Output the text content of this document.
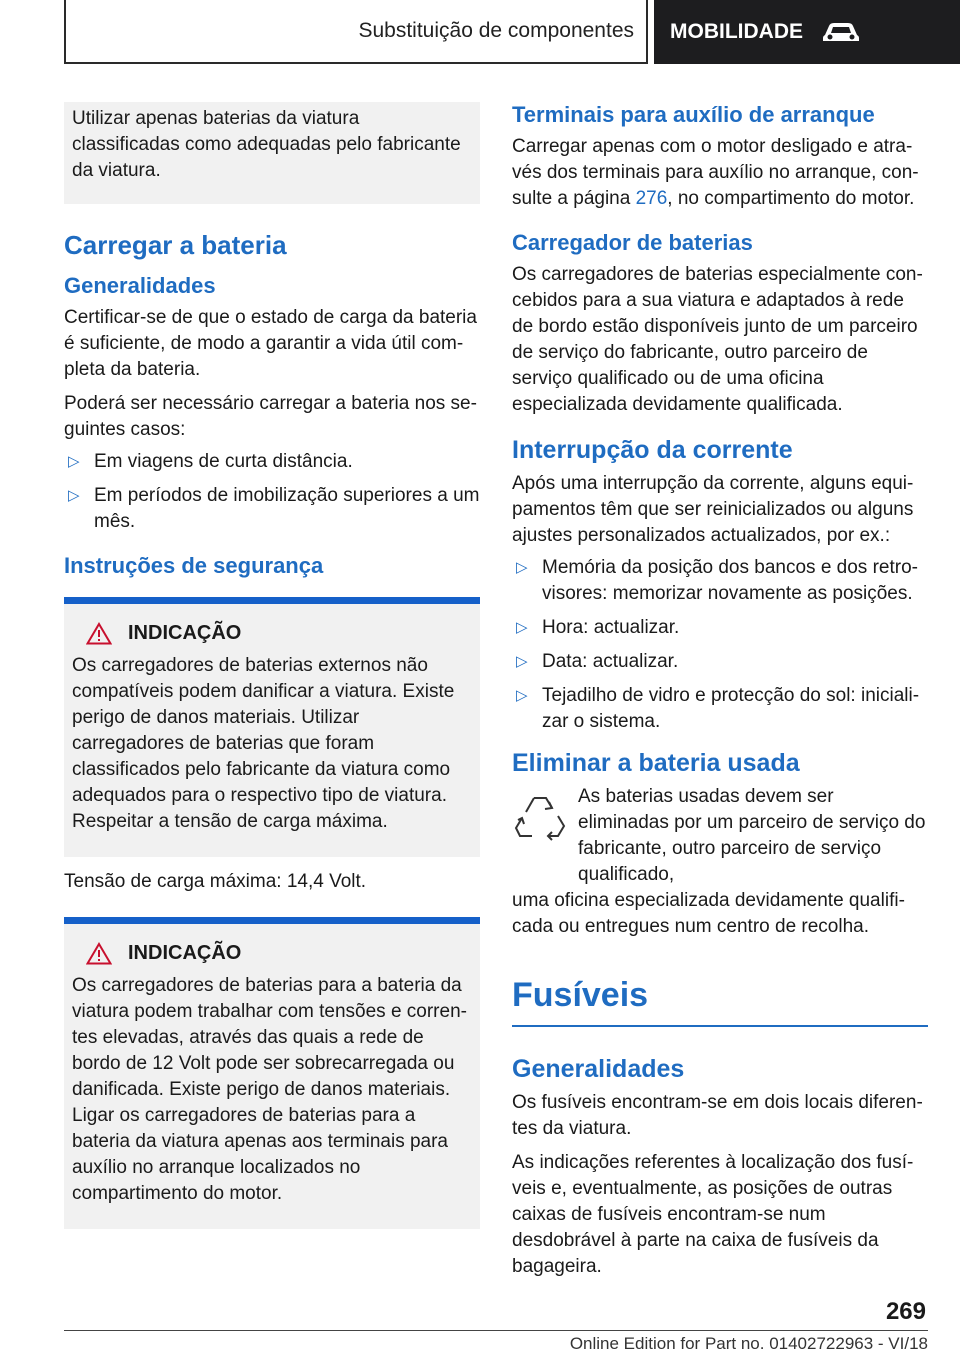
Substituição de componentes MOBILIDADE

Utilizar apenas baterias da viatura classificadas como adequadas pelo fabricante da viatura.

Carregar a bateria
Generalidades

Certificar-se de que o estado de carga da bateria é suficiente, de modo a garantir a vida útil completa da bateria.

Poderá ser necessário carregar a bateria nos seguintes casos:

▷ Em viagens de curta distância.
▷ Em períodos de imobilização superiores a um mês.
Instruções de segurança
INDICAÇÃO

Os carregadores de baterias externos não compatíveis podem danificar a viatura. Existe perigo de danos materiais. Utilizar carregadores de baterias que foram classificados pelo fabricante da viatura como adequados para o respectivo tipo de viatura. Respeitar a tensão de carga máxima.

Tensão de carga máxima: 14,4 Volt.

INDICAÇÃO

Os carregadores de baterias para a bateria da viatura podem trabalhar com tensões e correntes elevadas, através das quais a rede de bordo de 12 Volt pode ser sobrecarregada ou danificada. Existe perigo de danos materiais. Ligar os carregadores de baterias para a bateria da viatura apenas aos terminais para auxílio no arranque localizados no compartimento do motor.

Terminais para auxílio de arranque

Carregar apenas com o motor desligado e através dos terminais para auxílio no arranque, consulte a página 276, no compartimento do motor.

Carregador de baterias

Os carregadores de baterias especialmente concebidos para a sua viatura e adaptados à rede de bordo estão disponíveis junto de um parceiro de serviço do fabricante, outro parceiro de serviço qualificado ou de uma oficina especializada devidamente qualificada.

Interrupção da corrente

Após uma interrupção da corrente, alguns equipamentos têm que ser reinicializados ou alguns ajustes personalizados actualizados, por ex.:

▷ Memória da posição dos bancos e dos retrovisores: memorizar novamente as posições.
▷ Hora: actualizar.
▷ Data: actualizar.
▷ Tejadilho de vidro e protecção do sol: inicializar o sistema.
Eliminar a bateria usada

As baterias usadas devem ser eliminadas por um parceiro de serviço do fabricante, outro parceiro de serviço qualificado,

uma oficina especializada devidamente qualificada ou entregues num centro de recolha.

Fusíveis
Generalidades

Os fusíveis encontram-se em dois locais diferentes da viatura.

As indicações referentes à localização dos fusíveis e, eventualmente, as posições de outras caixas de fusíveis encontram-se num desdobrável à parte na caixa de fusíveis da bagageira.

269
Online Edition for Part no. 01402722963 - VI/18
